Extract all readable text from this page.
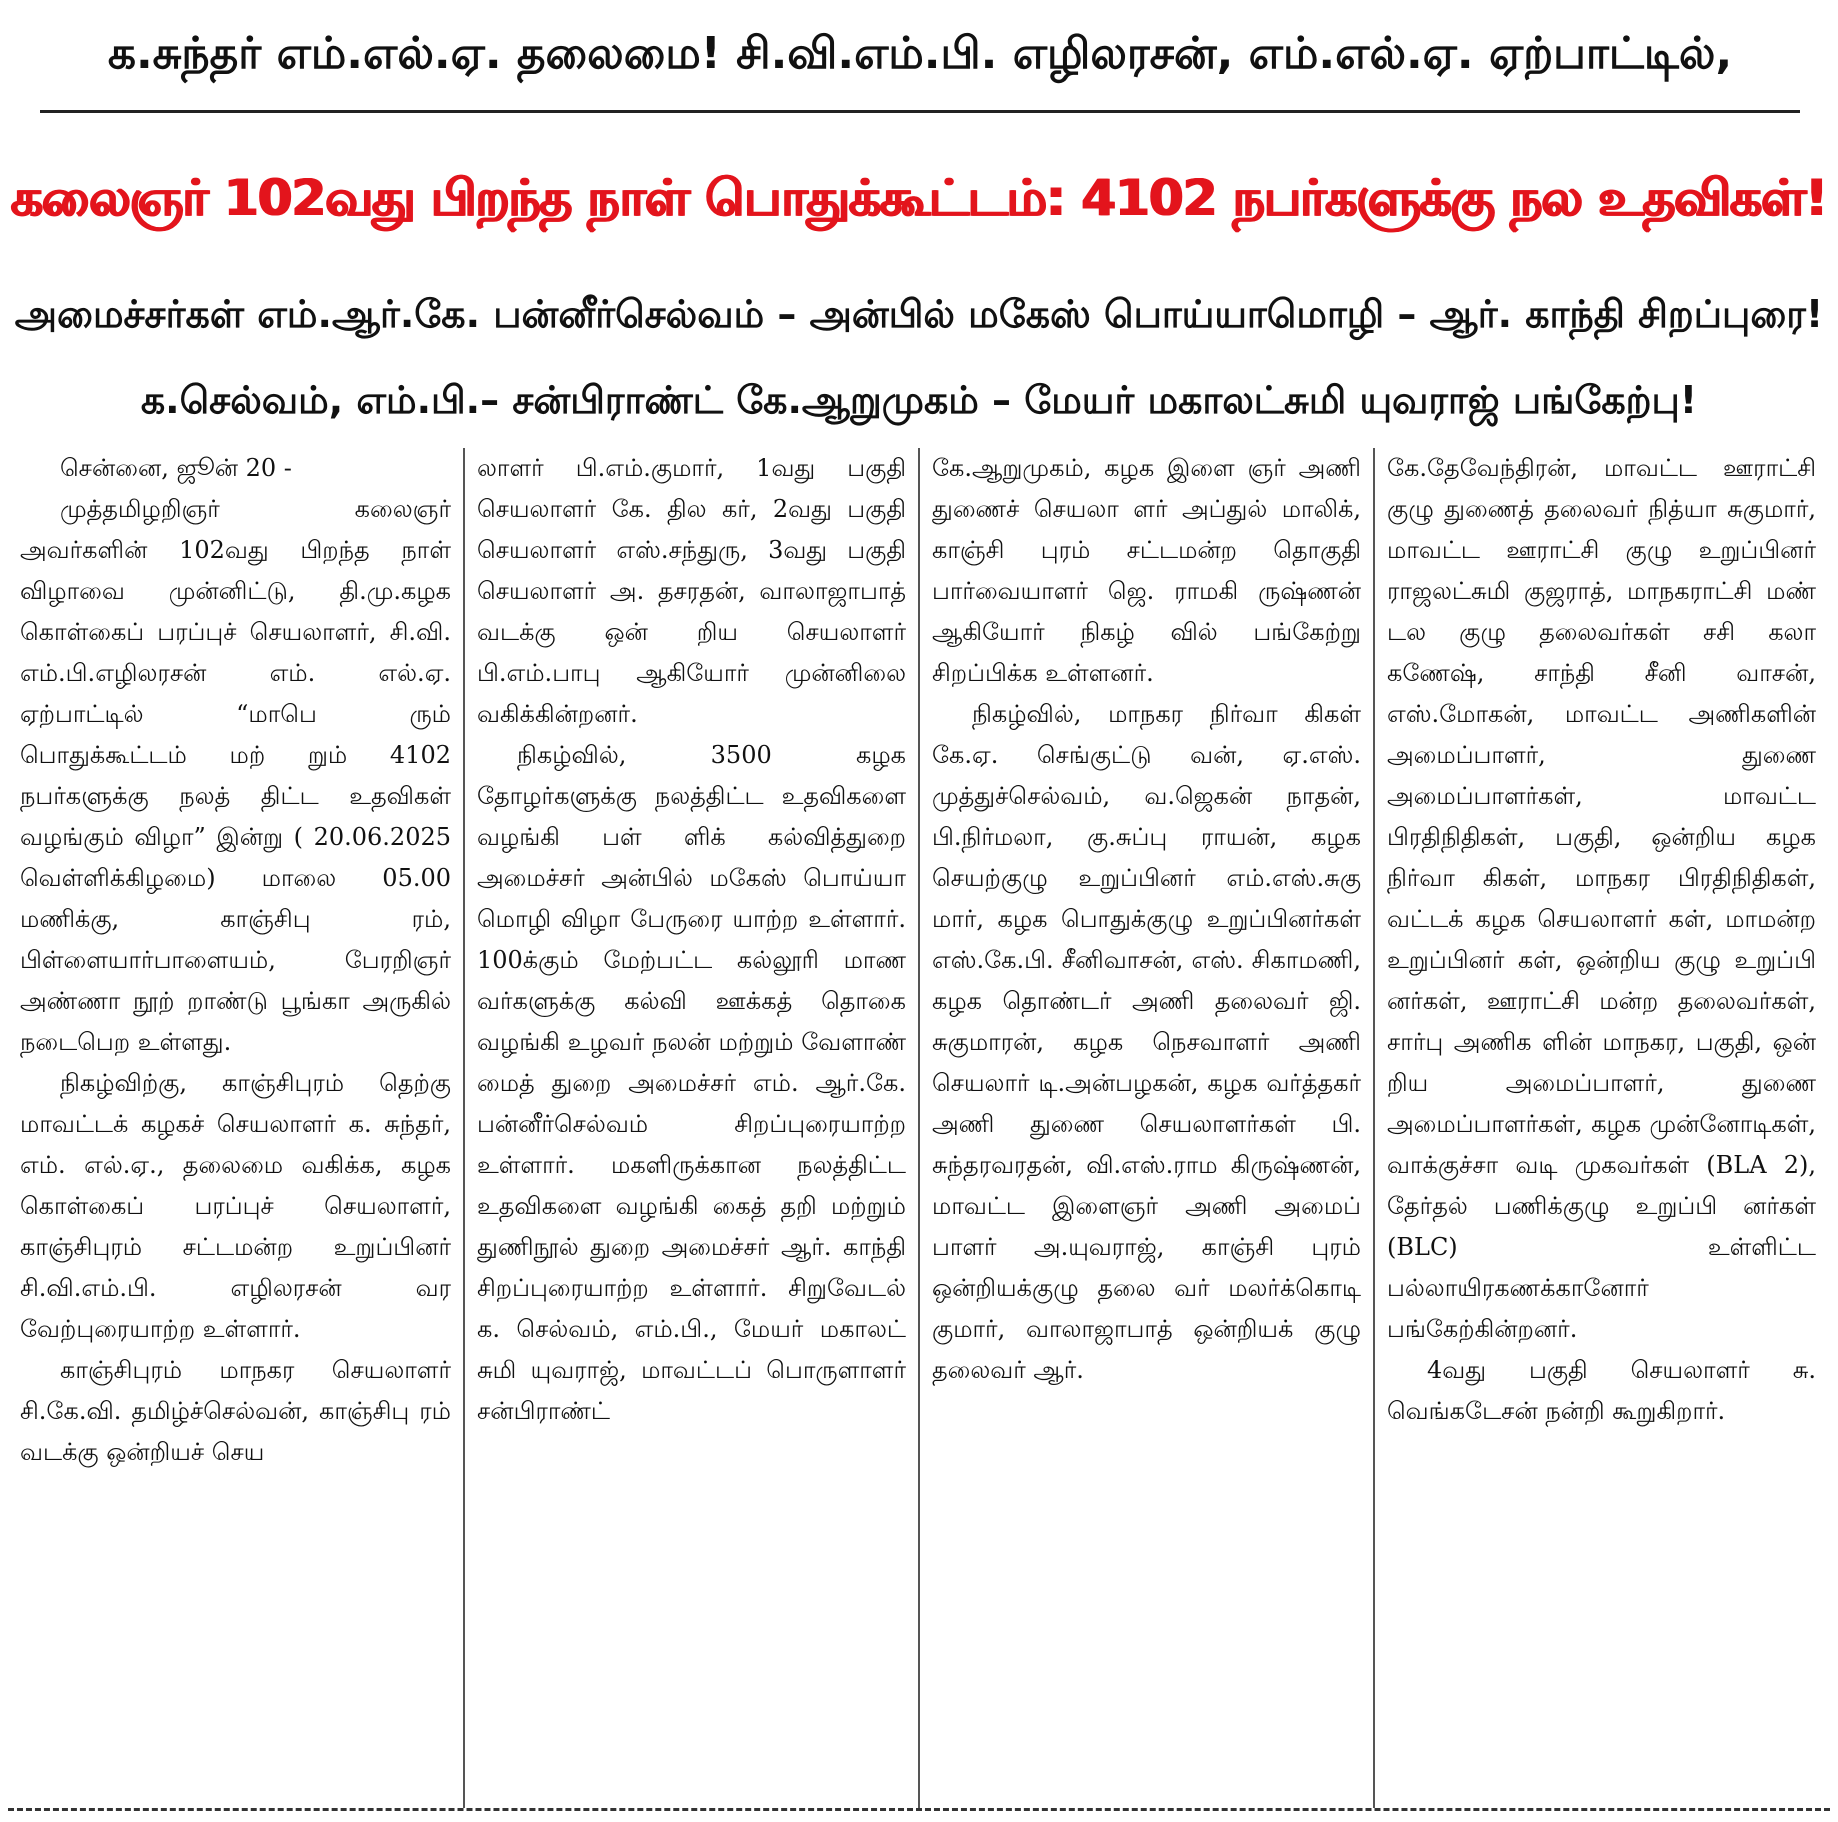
க.சுந்தர் எம்.எல்.ஏ. தலைமை! சி.வி.எம்.பி. எழிலரசன், எம்.எல்.ஏ. ஏற்பாட்டில்,
கலைஞர் 102வது பிறந்த நாள் பொதுக்கூட்டம்: 4102 நபர்களுக்கு நல உதவிகள்!
அமைச்சர்கள் எம்.ஆர்.கே. பன்னீர்செல்வம் – அன்பில் மகேஸ் பொய்யாமொழி – ஆர். காந்தி சிறப்புரை!
க.செல்வம், எம்.பி.– சன்பிராண்ட் கே.ஆறுமுகம் – மேயர் மகாலட்சுமி யுவராஜ் பங்கேற்பு!

சென்னை, ஜூன் 20 -

முத்தமிழறிஞர் கலைஞர் அவர்களின் 102வது பிறந்த நாள் விழாவை முன்னிட்டு, தி.மு.கழக கொள்கைப் பரப்புச் செயலாளர், சி.வி. எம்.பி.எழிலரசன் எம். எல்.ஏ. ஏற்பாட்டில் “மாபெ ரும் பொதுக்கூட்டம் மற் றும் 4102 நபர்களுக்கு நலத் திட்ட உதவிகள் வழங்கும் விழா” இன்று ( 20.06.2025 வெள்ளிக்கிழமை) மாலை 05.00 மணிக்கு, காஞ்சிபு ரம், பிள்ளையார்பாளையம், பேரறிஞர் அண்ணா நூற் றாண்டு பூங்கா அருகில் நடைபெற உள்ளது.

நிகழ்விற்கு, காஞ்சிபுரம் தெற்கு மாவட்டக் கழகச் செயலாளர் க. சுந்தர், எம். எல்.ஏ., தலைமை வகிக்க, கழக கொள்கைப் பரப்புச் செயலாளர், காஞ்சிபுரம் சட்டமன்ற உறுப்பினர் சி.வி.எம்.பி. எழிலரசன் வர வேற்புரையாற்ற உள்ளார்.

காஞ்சிபுரம் மாநகர செயலாளர் சி.கே.வி. தமிழ்ச்செல்வன், காஞ்சிபு ரம் வடக்கு ஒன்றியச் செய

லாளர் பி.எம்.குமார், 1வது பகுதி செயலாளர் கே. தில கர், 2வது பகுதி செயலாளர் எஸ்.சந்துரு, 3வது பகுதி செயலாளர் அ. தசரதன், வாலாஜாபாத் வடக்கு ஒன் றிய செயலாளர் பி.எம்.பாபு ஆகியோர் முன்னிலை வகிக்கின்றனர்.

நிகழ்வில், 3500 கழக தோழர்களுக்கு நலத்திட்ட உதவிகளை வழங்கி பள் ளிக் கல்வித்துறை அமைச்சர் அன்பில் மகேஸ் பொய்யா மொழி விழா பேருரை யாற்ற உள்ளார். 100க்கும் மேற்பட்ட கல்லூரி மாண வர்களுக்கு கல்வி ஊக்கத் தொகை வழங்கி உழவர் நலன் மற்றும் வேளாண் மைத் துறை அமைச்சர் எம். ஆர்.கே. பன்னீர்செல்வம் சிறப்புரையாற்ற உள்ளார். மகளிருக்கான நலத்திட்ட உதவிகளை வழங்கி கைத் தறி மற்றும் துணிநூல் துறை அமைச்சர் ஆர். காந்தி சிறப்புரையாற்ற உள்ளார். சிறுவேடல் க. செல்வம், எம்.பி., மேயர் மகாலட் சுமி யுவராஜ், மாவட்டப் பொருளாளர் சன்பிராண்ட்

கே.ஆறுமுகம், கழக இளை ஞர் அணி துணைச் செயலா ளர் அப்துல் மாலிக், காஞ்சி புரம் சட்டமன்ற தொகுதி பார்வையாளர் ஜெ. ராமகி ருஷ்ணன் ஆகியோர் நிகழ் வில் பங்கேற்று சிறப்பிக்க உள்ளனர்.

நிகழ்வில், மாநகர நிர்வா கிகள் கே.ஏ. செங்குட்டு வன், ஏ.எஸ். முத்துச்செல்வம், வ.ஜெகன் நாதன், பி.நிர்மலா, கு.சுப்பு ராயன், கழக செயற்குழு உறுப்பினர் எம்.எஸ்.சுகு மார், கழக பொதுக்குழு உறுப்பினர்கள் எஸ்.கே.பி. சீனிவாசன், எஸ். சிகாமணி, கழக தொண்டர் அணி தலைவர் ஜி. சுகுமாரன், கழக நெசவாளர் அணி செயலார் டி.அன்பழகன், கழக வர்த்தகர் அணி துணை செயலாளர்கள் பி. சுந்தரவரதன், வி.எஸ்.ராம கிருஷ்ணன், மாவட்ட இளைஞர் அணி அமைப் பாளர் அ.யுவராஜ், காஞ்சி புரம் ஒன்றியக்குழு தலை வர் மலர்க்கொடி குமார், வாலாஜாபாத் ஒன்றியக் குழு தலைவர் ஆர்.

கே.தேவேந்திரன், மாவட்ட ஊராட்சி குழு துணைத் தலைவர் நித்யா சுகுமார், மாவட்ட ஊராட்சி குழு உறுப்பினர் ராஜலட்சுமி குஜராத், மாநகராட்சி மண் டல குழு தலைவர்கள் சசி கலா கணேஷ், சாந்தி சீனி வாசன், எஸ்.மோகன், மாவட்ட அணிகளின் அமைப்பாளர், துணை அமைப்பாளர்கள், மாவட்ட பிரதிநிதிகள், பகுதி, ஒன்றிய கழக நிர்வா கிகள், மாநகர பிரதிநிதிகள், வட்டக் கழக செயலாளர் கள், மாமன்ற உறுப்பினர் கள், ஒன்றிய குழு உறுப்பி னர்கள், ஊராட்சி மன்ற தலைவர்கள், சார்பு அணிக ளின் மாநகர, பகுதி, ஒன் றிய அமைப்பாளர், துணை அமைப்பாளர்கள், கழக முன்னோடிகள், வாக்குச்சா வடி முகவர்கள் (BLA 2), தேர்தல் பணிக்குழு உறுப்பி னர்கள் (BLC) உள்ளிட்ட பல்லாயிரகணக்கானோர் பங்கேற்கின்றனர்.

4வது பகுதி செயலாளர் சு. வெங்கடேசன் நன்றி கூறுகிறார்.
